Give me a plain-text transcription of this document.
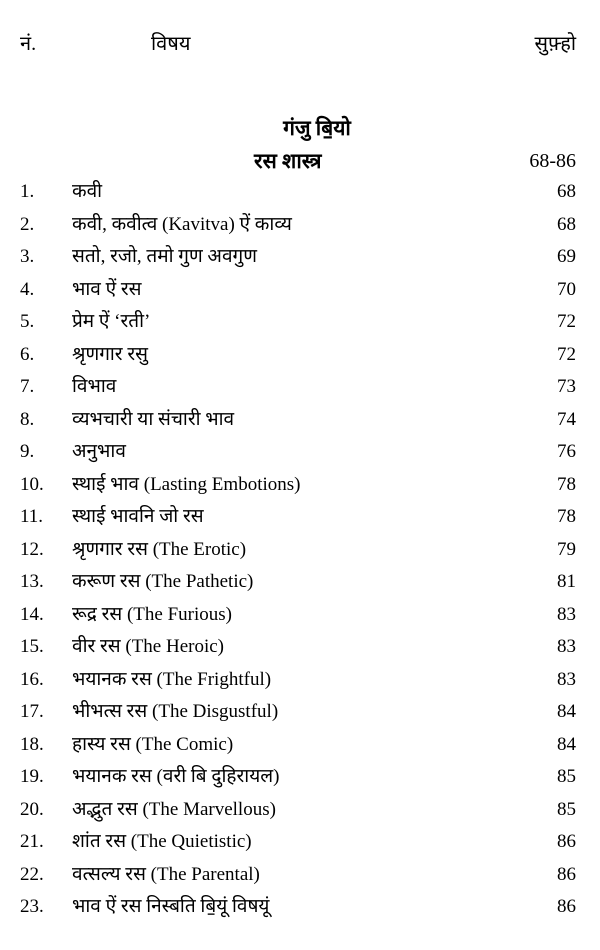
नं.	विषय	सुफ़्हो
गंजु बि॒यो
रस शास्त्र	68-86
1. कवी	68
2. कवी, कवीत्व (Kavitva) ऐं काव्य	68
3. सतो, रजो, तमो गुण अवगुण	69
4. भाव ऐं रस	70
5. प्रेम ऐं ‘रती’	72
6. श्रृणगार रसु	72
7. विभाव	73
8. व्यभचारी या संचारी भाव	74
9. अनुभाव	76
10. स्थाई भाव (Lasting Embotions)	78
11. स्थाई भावनि जो रस	78
12. श्रृणगार रस (The Erotic)	79
13. करूण रस (The Pathetic)	81
14. रूद्र रस (The Furious)	83
15. वीर रस (The Heroic)	83
16. भयानक रस (The Frightful)	83
17. भीभत्स रस (The Disgustful)	84
18. हास्य रस (The Comic)	84
19. भयानक रस (वरी बि दुहिरायल)	85
20. अद्भुत रस (The Marvellous)	85
21. शांत रस (The Quietistic)	86
22. वत्सल्य रस (The Parental)	86
23. भाव ऐं रस निस्बति बि॒यूं विषयूं	86
